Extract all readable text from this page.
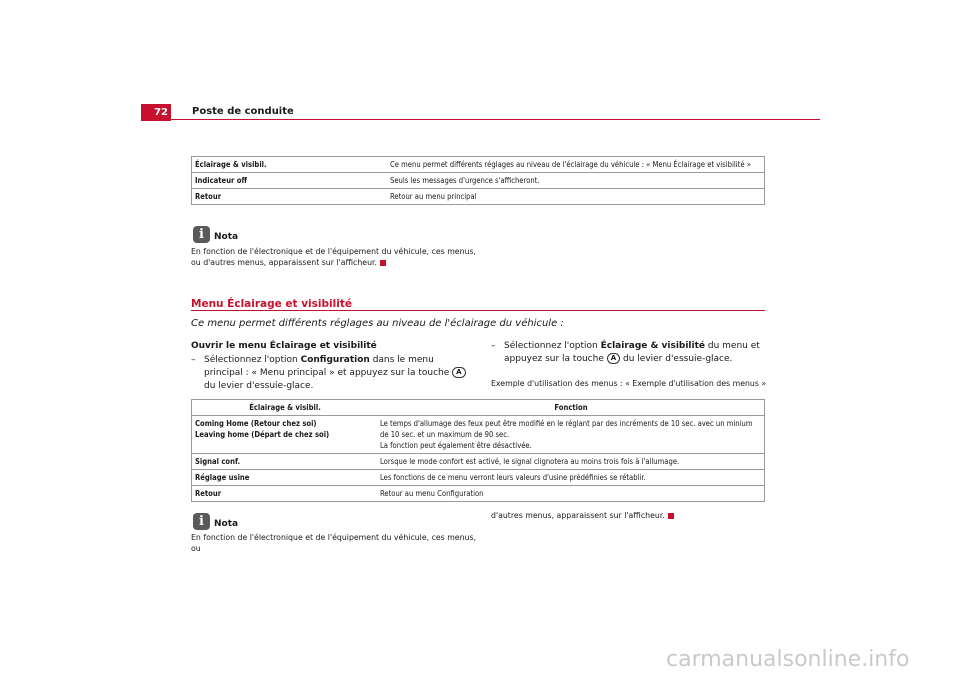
72	Poste de conduite
Éclairage & visibil.	Ce menu permet différents réglages au niveau de l'éclairage du véhicule : « Menu Éclairage et visibilité »
Indicateur off	Seuls les messages d'urgence s'afficheront.
Retour	Retour au menu principal
i	Nota
En fonction de l'électronique et de l'équipement du véhicule, ces menus, ou d'autres menus, apparaissent sur l'afficheur.
Menu Éclairage et visibilité
Ce menu permet différents réglages au niveau de l'éclairage du véhicule :
Ouvrir le menu Éclairage et visibilité
– Sélectionnez l'option Configuration dans le menu principal : « Menu principal » et appuyez sur la touche A du levier d'essuie-glace.
– Sélectionnez l'option Éclairage & visibilité du menu et appuyez sur la touche A du levier d'essuie-glace.
Exemple d'utilisation des menus : « Exemple d'utilisation des menus »
Éclairage & visibil.	Fonction
Coming Home (Retour chez soi)
Leaving home (Départ de chez soi)	Le temps d'allumage des feux peut être modifié en le réglant par des incréments de 10 sec. avec un minium de 10 sec. et un maximum de 90 sec.
La fonction peut également être désactivée.
Signal conf.	Lorsque le mode confort est activé, le signal clignotera au moins trois fois à l'allumage.
Réglage usine	Les fonctions de ce menu verront leurs valeurs d'usine prédéfinies se rétablir.
Retour	Retour au menu Configuration
i	Nota
En fonction de l'électronique et de l'équipement du véhicule, ces menus, ou
d'autres menus, apparaissent sur l'afficheur.
carmanualsonline.info
